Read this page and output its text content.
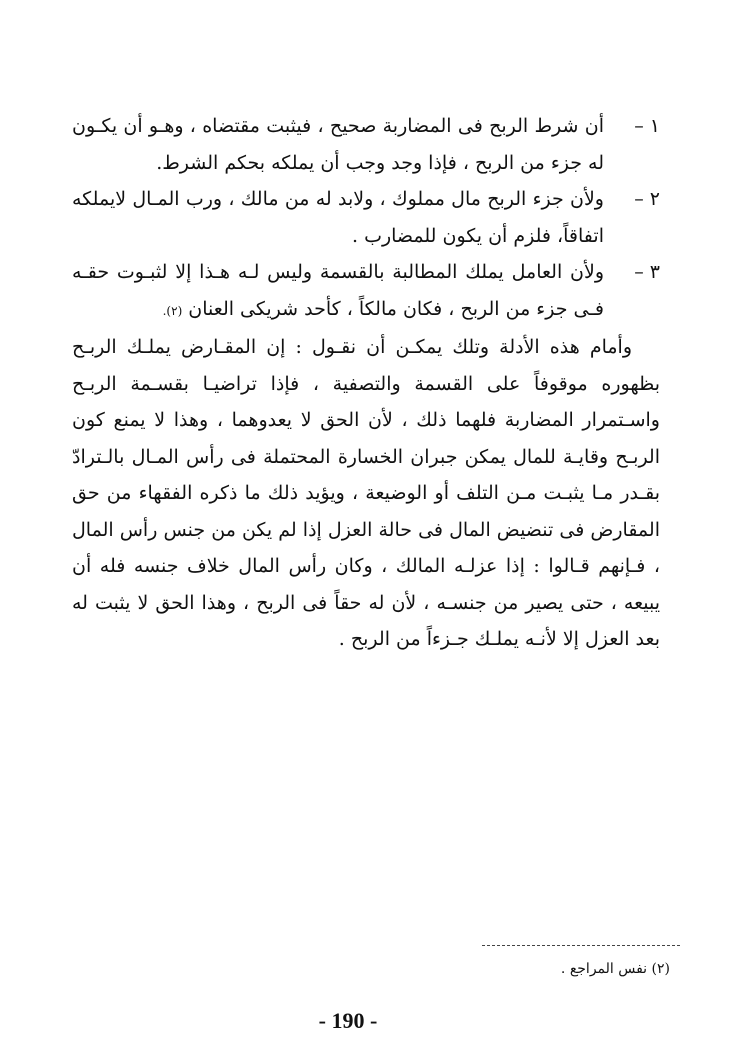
١ –

أن شرط الربح فى المضاربة صحيح ، فيثبت مقتضاه ، وهـو أن يكـون له جزء من الربح ، فإذا وجد وجب أن يملكه بحكم الشرط.

٢ –

ولأن جزء الربح مال مملوك ، ولابد له من مالك ، ورب المـال لايملكه اتفاقاً، فلزم أن يكون للمضارب .

٣ –

ولأن العامل يملك المطالبة بالقسمة وليس لـه هـذا إلا لثبـوت حقـه فـى جزء من الربح ، فكان مالكاً ، كأحد شريكى العنان (٢).

وأمام هذه الأدلة وتلك يمكـن أن نقـول : إن المقـارض يملـك الربـح بظهوره موقوفاً على القسمة والتصفية ، فإذا تراضيـا بقسـمة الربـح واسـتمرار المضاربة فلهما ذلك ، لأن الحق لا يعدوهما ، وهذا لا يمنع كون الربـح وقايـة للمال يمكن جبران الخسارة المحتملة فى رأس المـال بالـترادّ بقـدر مـا يثبـت مـن التلف أو الوضيعة ، ويؤيد ذلك ما ذكره الفقهاء من حق المقارض فى تنضيض المال فى حالة العزل إذا لم يكن من جنس رأس المال ، فـإنهم قـالوا : إذا عزلـه المالك ، وكان رأس المال خلاف جنسه فله أن يبيعه ، حتى يصير من جنسـه ، لأن له حقاً فى الربح ، وهذا الحق لا يثبت له بعد العزل إلا لأنـه يملـك جـزءاً من الربح .

(٢) نفس المراجع .
- 190 -
